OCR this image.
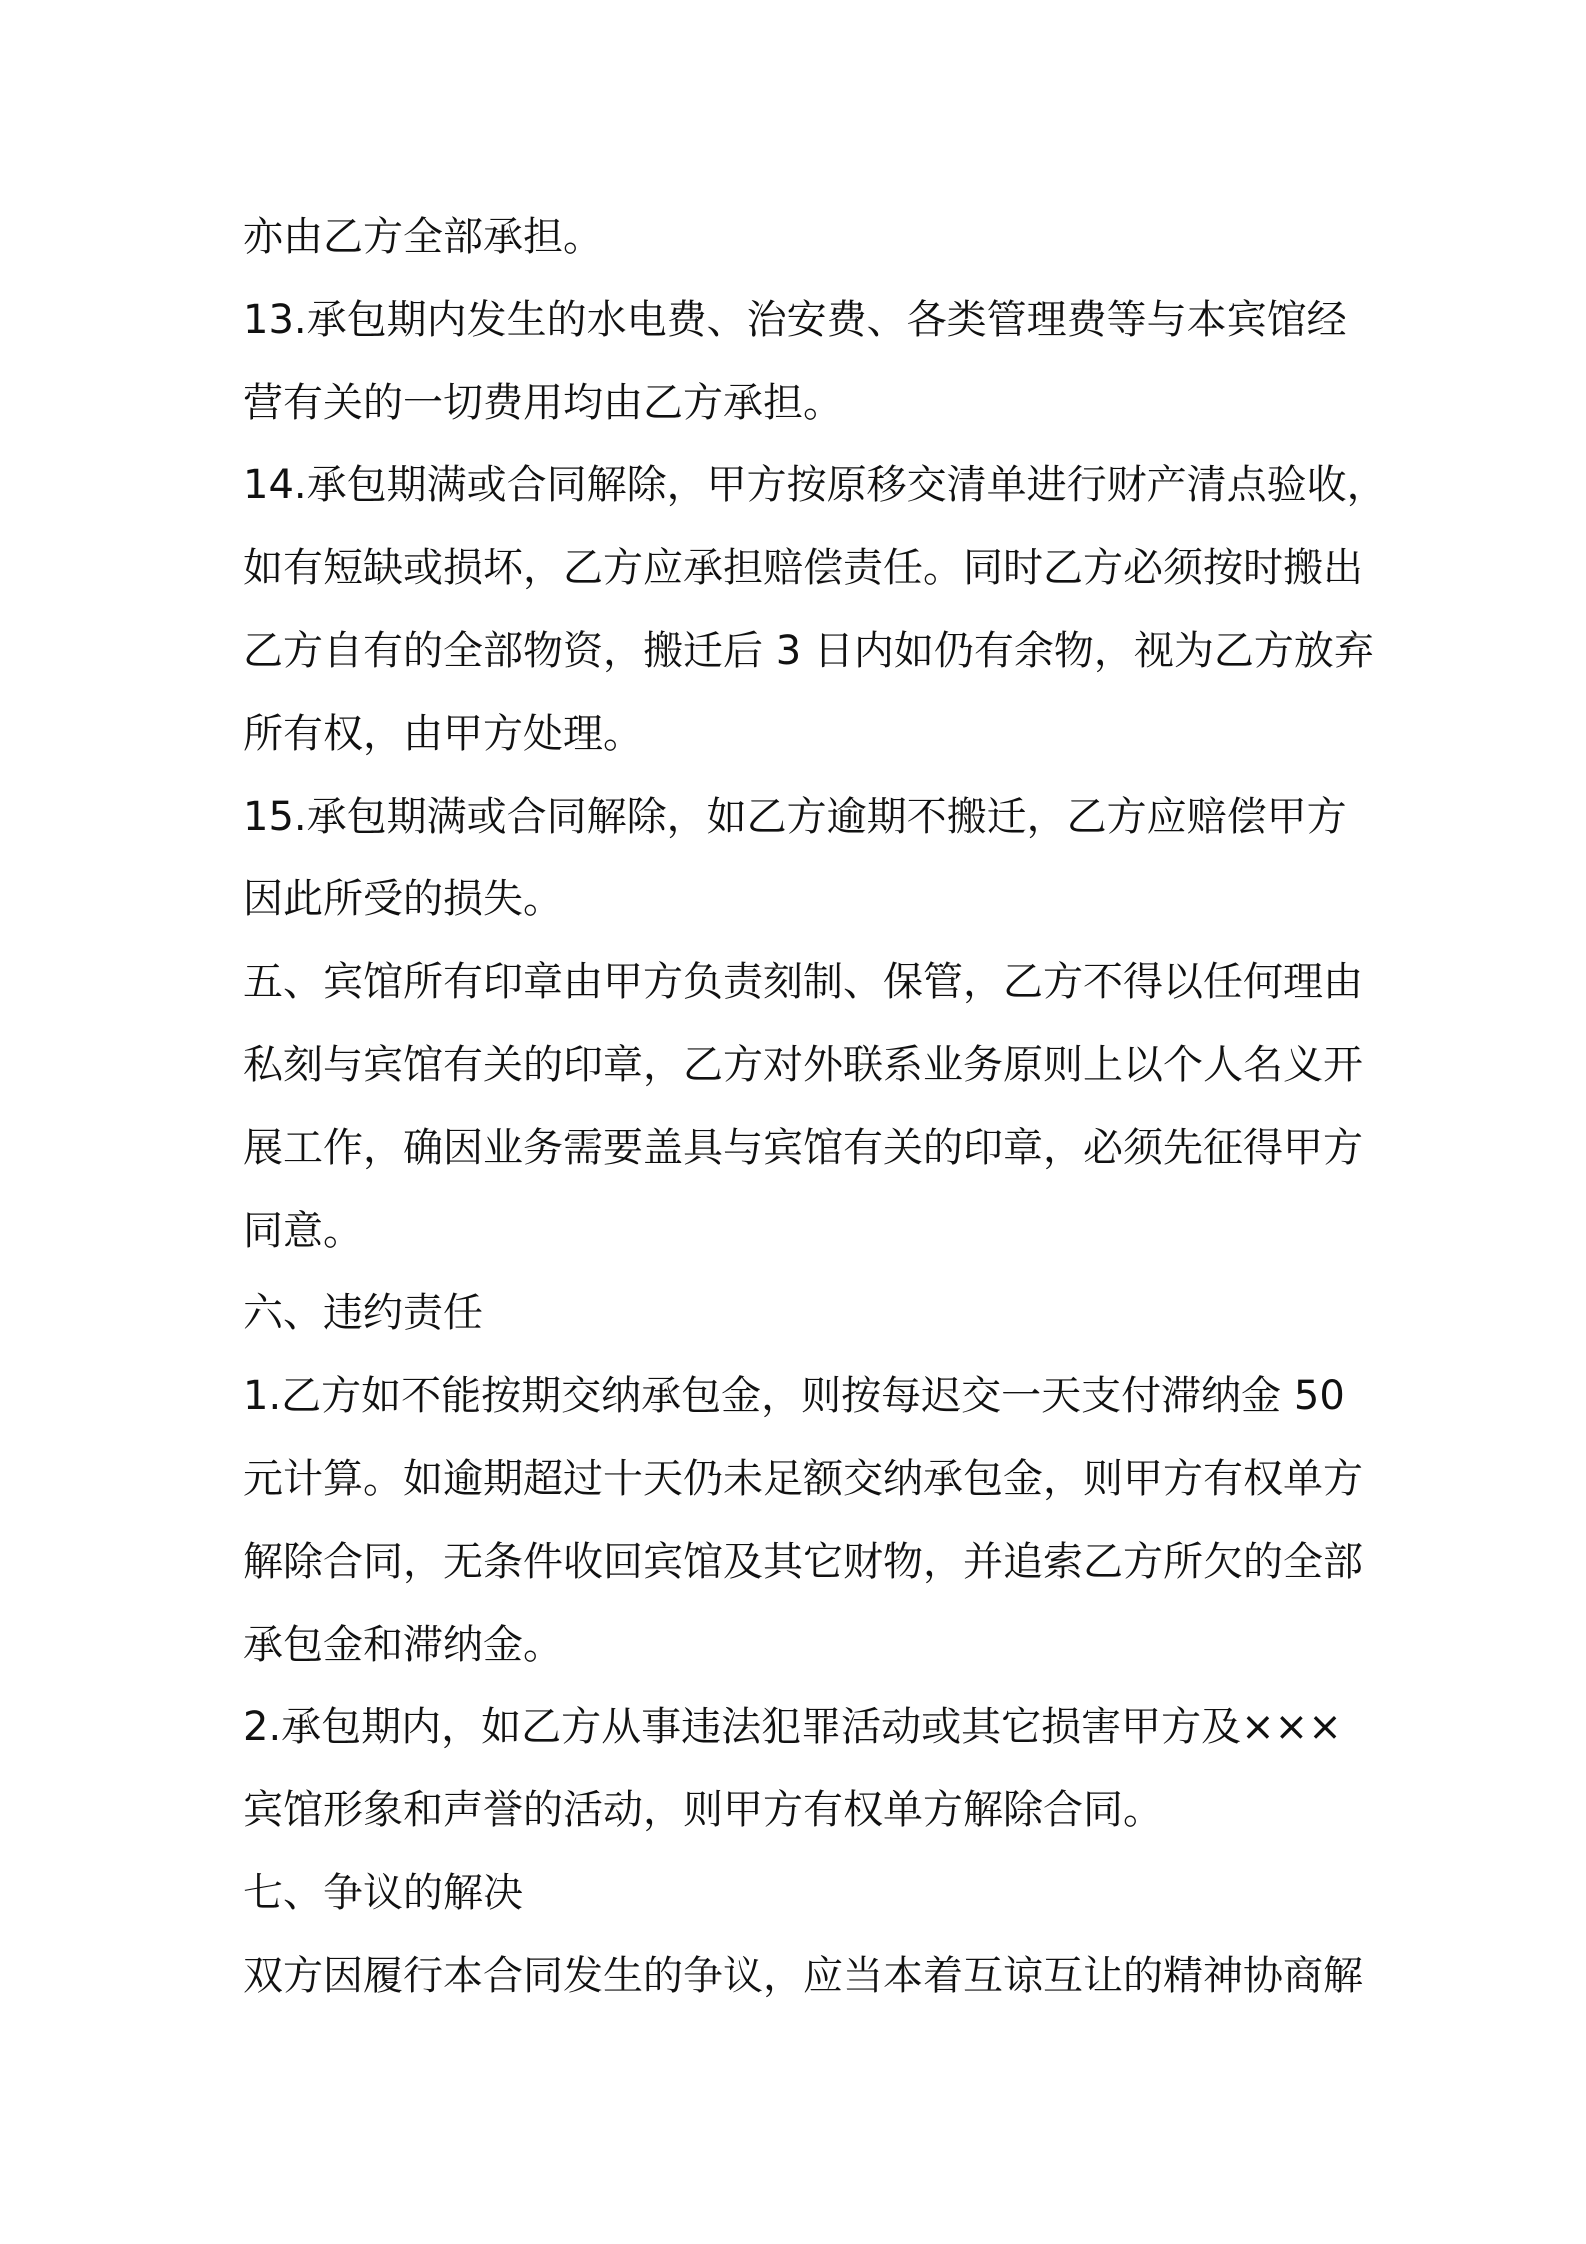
亦由乙方全部承担。
13.承包期内发生的水电费、治安费、各类管理费等与本宾馆经
营有关的一切费用均由乙方承担。
14.承包期满或合同解除，甲方按原移交清单进行财产清点验收，
如有短缺或损坏，乙方应承担赔偿责任。同时乙方必须按时搬出
乙方自有的全部物资，搬迁后 3 日内如仍有余物，视为乙方放弃
所有权，由甲方处理。
15.承包期满或合同解除，如乙方逾期不搬迁，乙方应赔偿甲方
因此所受的损失。
五、宾馆所有印章由甲方负责刻制、保管，乙方不得以任何理由
私刻与宾馆有关的印章，乙方对外联系业务原则上以个人名义开
展工作，确因业务需要盖具与宾馆有关的印章，必须先征得甲方
同意。
六、违约责任
1.乙方如不能按期交纳承包金，则按每迟交一天支付滞纳金 50
元计算。如逾期超过十天仍未足额交纳承包金，则甲方有权单方
解除合同，无条件收回宾馆及其它财物，并追索乙方所欠的全部
承包金和滞纳金。
2.承包期内，如乙方从事违法犯罪活动或其它损害甲方及×××
宾馆形象和声誉的活动，则甲方有权单方解除合同。
七、争议的解决
双方因履行本合同发生的争议，应当本着互谅互让的精神协商解
